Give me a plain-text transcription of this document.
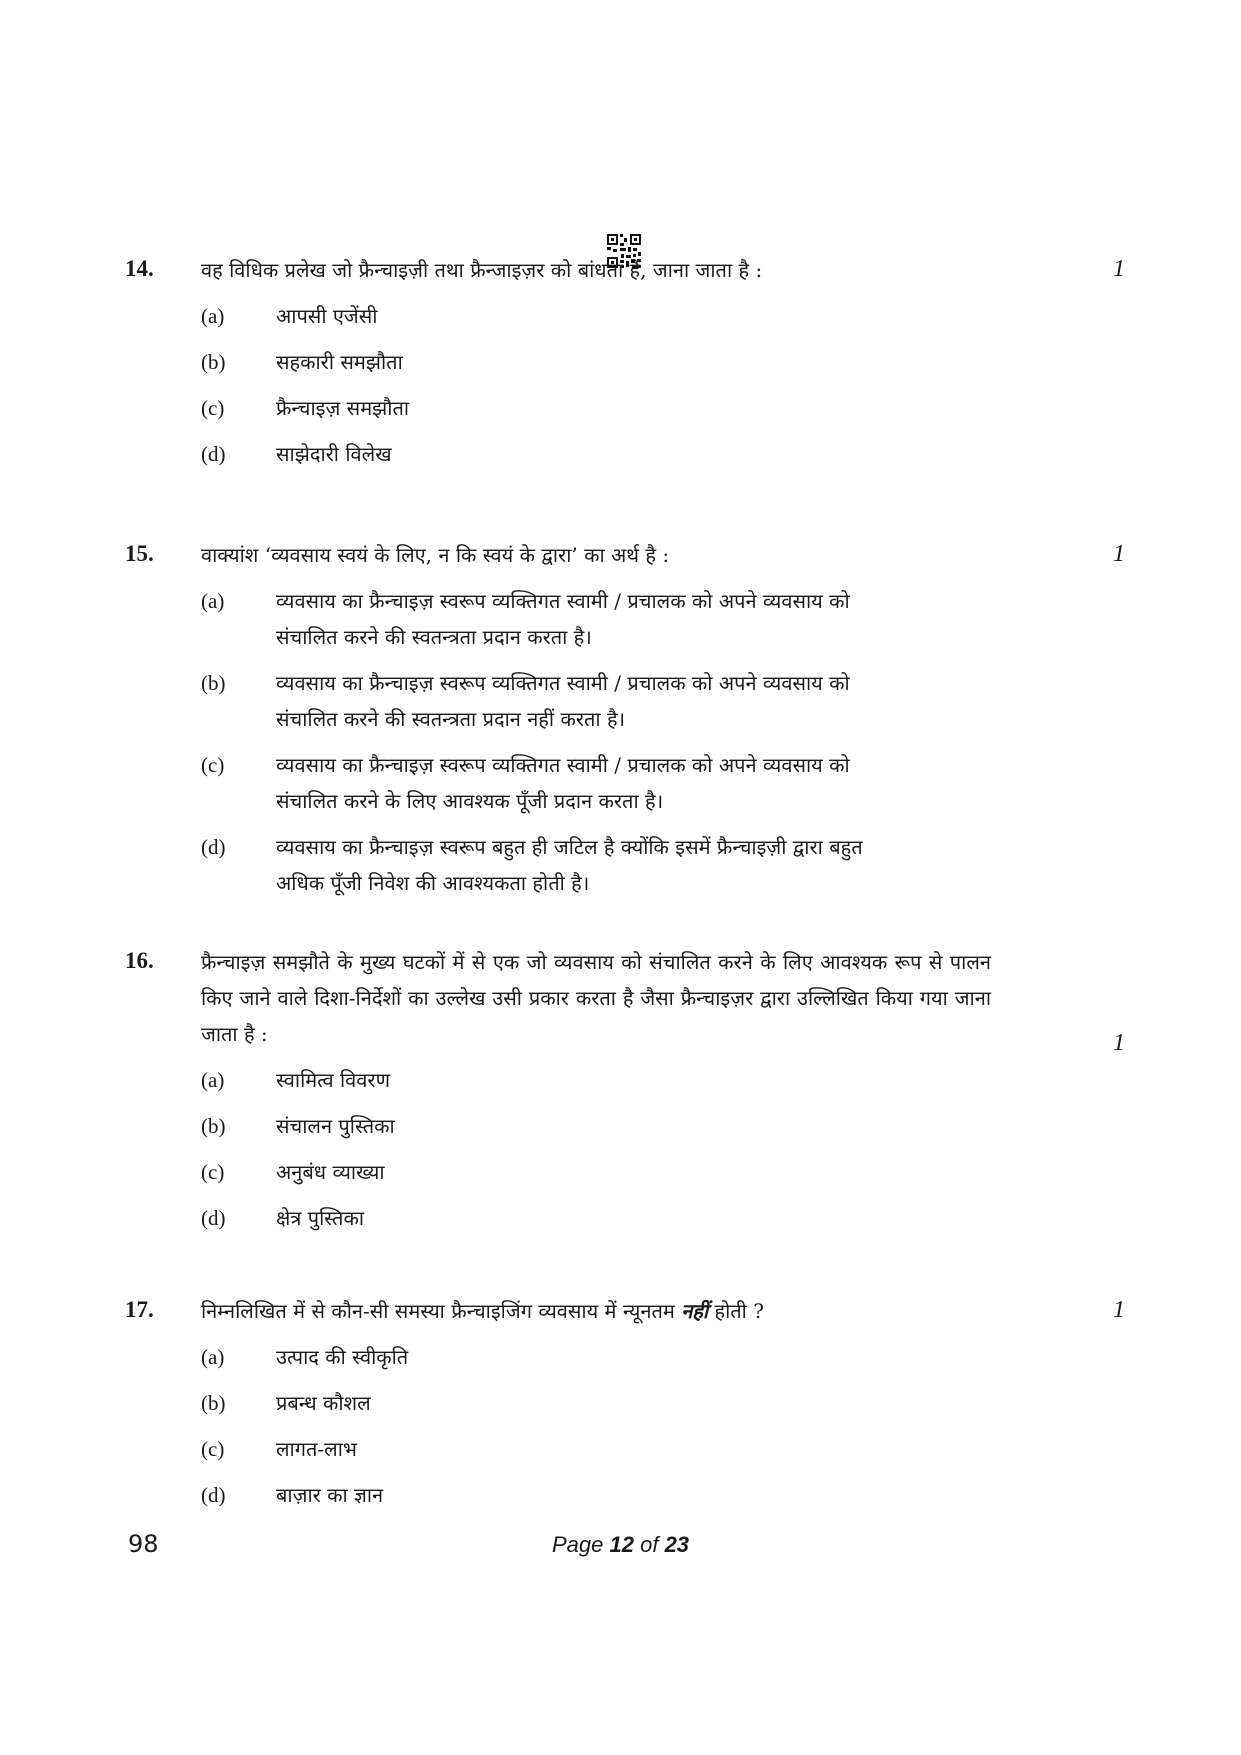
14.	वह विधिक प्रलेख जो फ्रैन्चाइज़ी तथा फ्रैन्जाइज़र को बांधता है, जाना जाता है :	1
(a)	आपसी एजेंसी
(b)	सहकारी समझौता
(c)	फ्रैन्चाइज़ समझौता
(d)	साझेदारी विलेख
15.	वाक्यांश ‘व्यवसाय स्वयं के लिए, न कि स्वयं के द्वारा’ का अर्थ है :	1
(a)	व्यवसाय का फ्रैन्चाइज़ स्वरूप व्यक्तिगत स्वामी / प्रचालक को अपने व्यवसाय को संचालित करने की स्वतन्त्रता प्रदान करता है।
(b)	व्यवसाय का फ्रैन्चाइज़ स्वरूप व्यक्तिगत स्वामी / प्रचालक को अपने व्यवसाय को संचालित करने की स्वतन्त्रता प्रदान नहीं करता है।
(c)	व्यवसाय का फ्रैन्चाइज़ स्वरूप व्यक्तिगत स्वामी / प्रचालक को अपने व्यवसाय को संचालित करने के लिए आवश्यक पूँजी प्रदान करता है।
(d)	व्यवसाय का फ्रैन्चाइज़ स्वरूप बहुत ही जटिल है क्योंकि इसमें फ्रैन्चाइज़ी द्वारा बहुत अधिक पूँजी निवेश की आवश्यकता होती है।
16.	फ्रैन्चाइज़ समझौते के मुख्य घटकों में से एक जो व्यवसाय को संचालित करने के लिए आवश्यक रूप से पालन किए जाने वाले दिशा-निर्देशों का उल्लेख उसी प्रकार करता है जैसा फ्रैन्चाइज़र द्वारा उल्लिखित किया गया जाना जाता है :	1
(a)	स्वामित्व विवरण
(b)	संचालन पुस्तिका
(c)	अनुबंध व्याख्या
(d)	क्षेत्र पुस्तिका
17.	निम्नलिखित में से कौन-सी समस्या फ्रैन्चाइजिंग व्यवसाय में न्यूनतम नहीं होती ?	1
(a)	उत्पाद की स्वीकृति
(b)	प्रबन्ध कौशल
(c)	लागत-लाभ
(d)	बाज़ार का ज्ञान
98	Page 12 of 23
